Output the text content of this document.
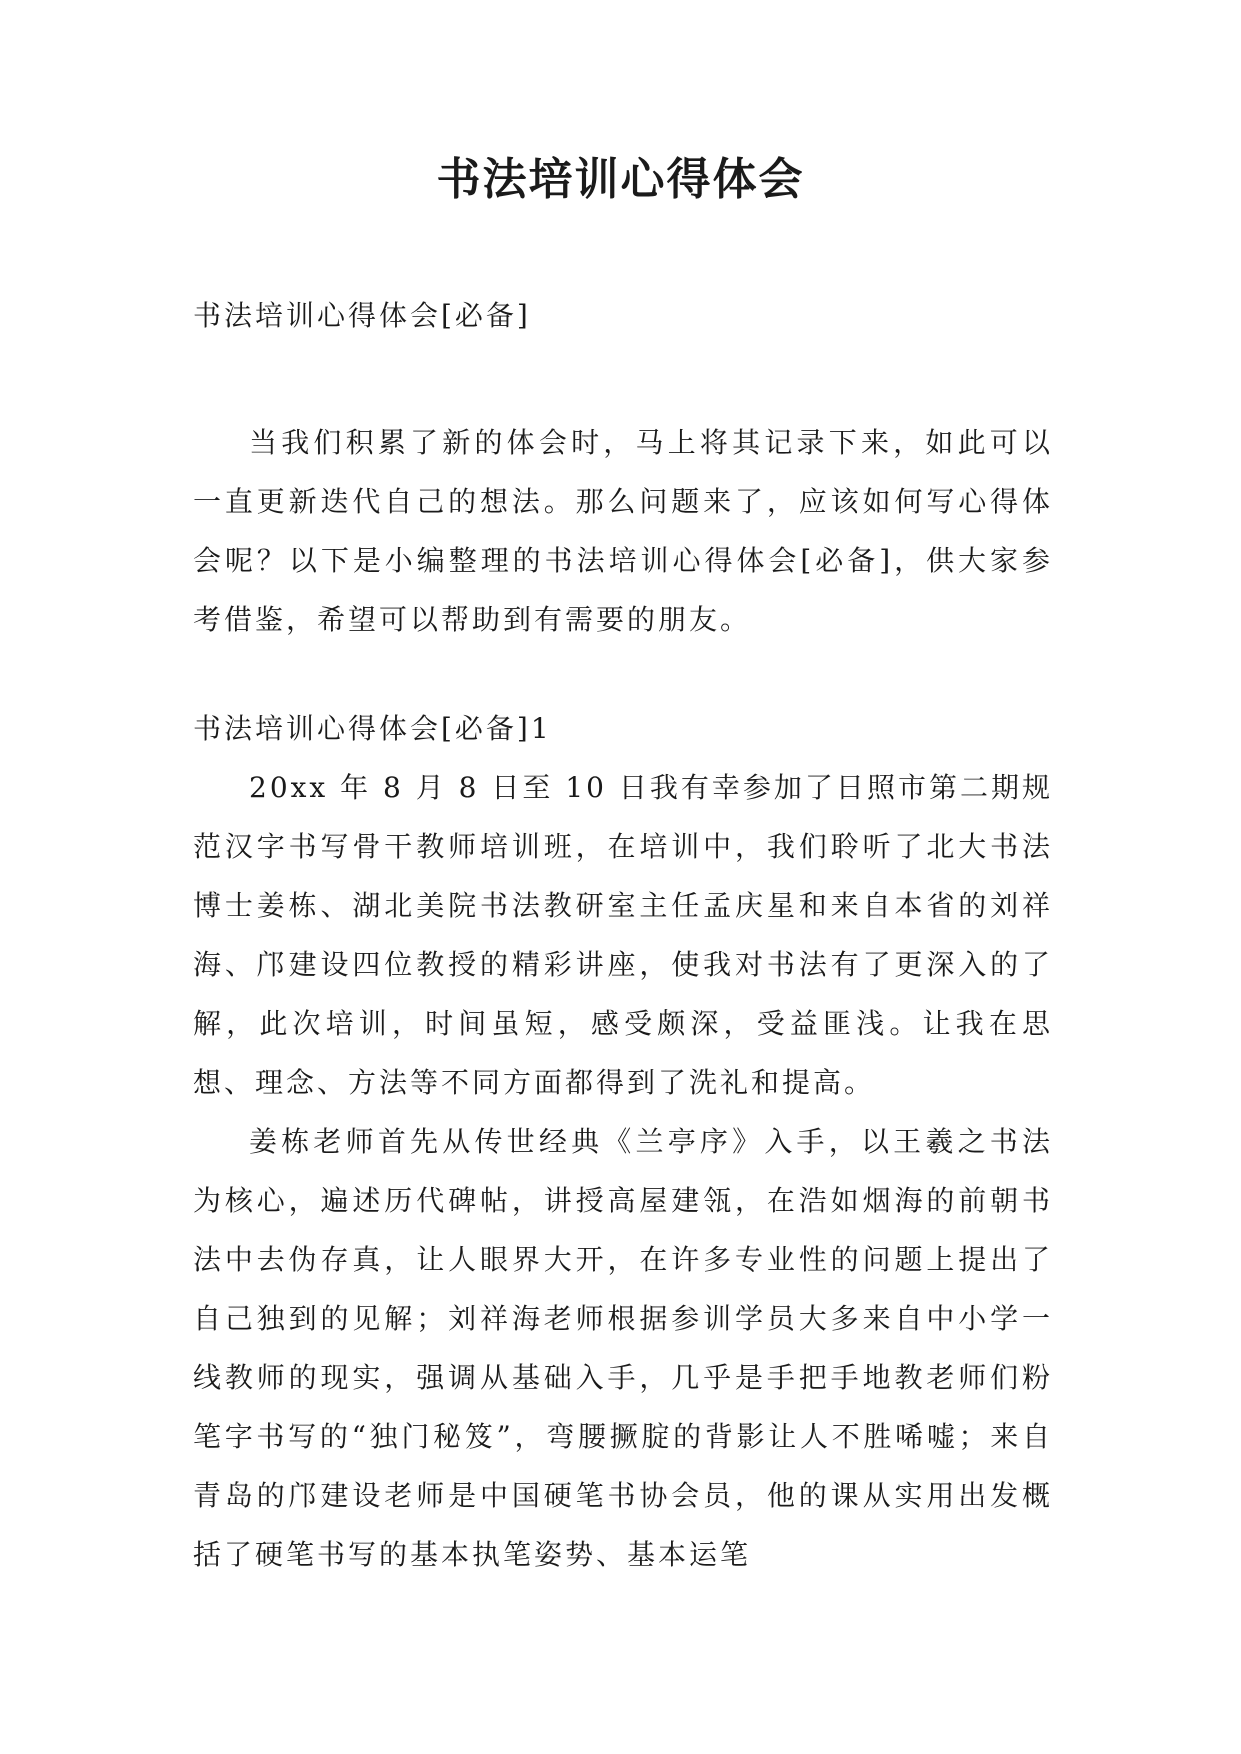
书法培训心得体会

书法培训心得体会[必备]

当我们积累了新的体会时，马上将其记录下来，如此可以一直更新迭代自己的想法。那么问题来了，应该如何写心得体会呢？以下是小编整理的书法培训心得体会[必备]，供大家参考借鉴，希望可以帮助到有需要的朋友。

书法培训心得体会[必备]1

20xx 年 8 月 8 日至 10 日我有幸参加了日照市第二期规范汉字书写骨干教师培训班，在培训中，我们聆听了北大书法博士姜栋、湖北美院书法教研室主任孟庆星和来自本省的刘祥海、邝建设四位教授的精彩讲座，使我对书法有了更深入的了解，此次培训，时间虽短，感受颇深，受益匪浅。让我在思想、理念、方法等不同方面都得到了洗礼和提高。

姜栋老师首先从传世经典《兰亭序》入手，以王羲之书法为核心，遍述历代碑帖，讲授高屋建瓴，在浩如烟海的前朝书法中去伪存真，让人眼界大开，在许多专业性的问题上提出了自己独到的见解；刘祥海老师根据参训学员大多来自中小学一线教师的现实，强调从基础入手，几乎是手把手地教老师们粉笔字书写的“独门秘笈”，弯腰撅腚的背影让人不胜唏嘘；来自青岛的邝建设老师是中国硬笔书协会员，他的课从实用出发概括了硬笔书写的基本执笔姿势、基本运笔
